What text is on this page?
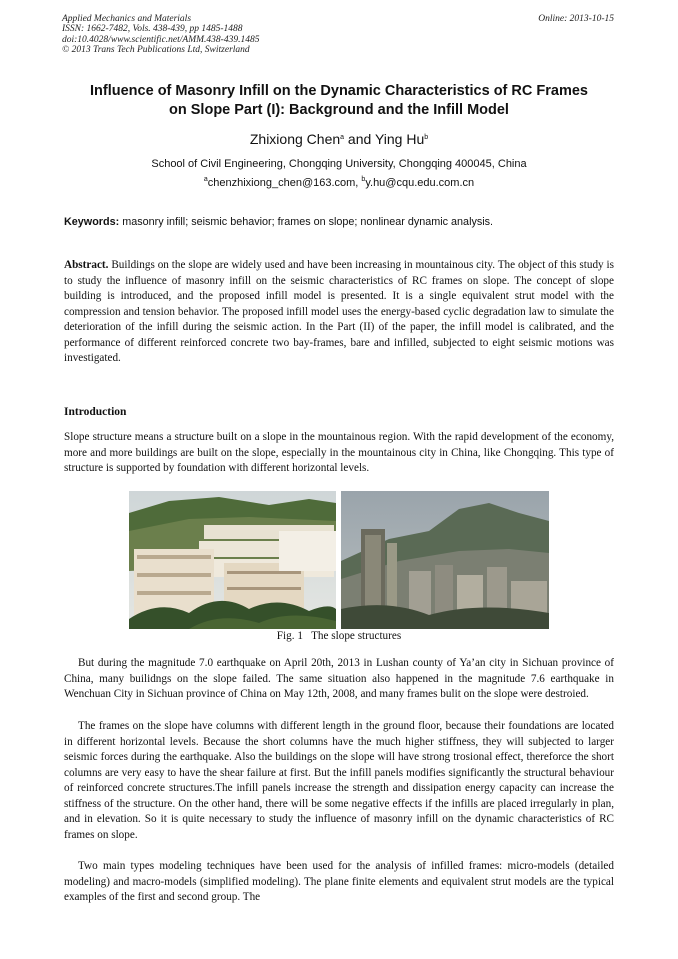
Applied Mechanics and Materials
ISSN: 1662-7482, Vols. 438-439, pp 1485-1488
doi:10.4028/www.scientific.net/AMM.438-439.1485
© 2013 Trans Tech Publications Ltd, Switzerland
Online: 2013-10-15
Influence of Masonry Infill on the Dynamic Characteristics of RC Frames
on Slope Part (I): Background and the Infill Model
Zhixiong Chen$^a$ and Ying Hu$^b$
School of Civil Engineering, Chongqing University, Chongqing 400045, China
$^a$chenzhixiong_chen@163.com, $^b$y.hu@cqu.edu.com.cn
Keywords: masonry infill; seismic behavior; frames on slope; nonlinear dynamic analysis.
Abstract. Buildings on the slope are widely used and have been increasing in mountainous city. The object of this study is to study the influence of masonry infill on the seismic characteristics of RC frames on slope. The concept of slope building is introduced, and the proposed infill model is presented. It is a single equivalent strut model with the compression and tension behavior. The proposed infill model uses the energy-based cyclic degradation law to simulate the deterioration of the infill during the seismic action. In the Part (II) of the paper, the infill model is calibrated, and the performance of different reinforced concrete two bay-frames, bare and infilled, subjected to eight seismic motions was investigated.
Introduction
Slope structure means a structure built on a slope in the mountainous region. With the rapid development of the economy, more and more buildings are built on the slope, especially in the mountainous city in China, like Chongqing. This type of structure is supported by foundation with different horizontal levels.
Fig. 1   The slope structures
But during the magnitude 7.0 earthquake on April 20th, 2013 in Lushan county of Ya’an city in Sichuan province of China, many builidngs on the slope failed. The same situation also happened in the magnitude 7.6 earthquake in Wenchuan City in Sichuan province of China on May 12th, 2008, and many frames bulit on the slope were destroied.
The frames on the slope have columns with different length in the ground floor, because their foundations are located in different horizontal levels. Because the short columns have the much higher stiffness, they will subjected to larger seismic forces during the earthquake. Also the buildings on the slope will have strong trosional effect, thereforce the short columns are very easy to have the shear failure at first. But the infill panels modifies significantly the structural behaviour of reinforced concrete structures.The infill panels increase the strength and dissipation energy capacity can increase the stiffness of the structure. On the other hand, there will be some negative effects if the infills are placed irregularly in plan, and in elevation. So it is quite necessary to study the influence of masonry infill on the dynamic characteristics of RC frames on slope.
Two main types modeling techniques have been used for the analysis of infilled frames: micro-models (detailed modeling) and macro-models (simplified modeling). The plane finite elements and equivalent strut models are the typical examples of the first and second group. The
